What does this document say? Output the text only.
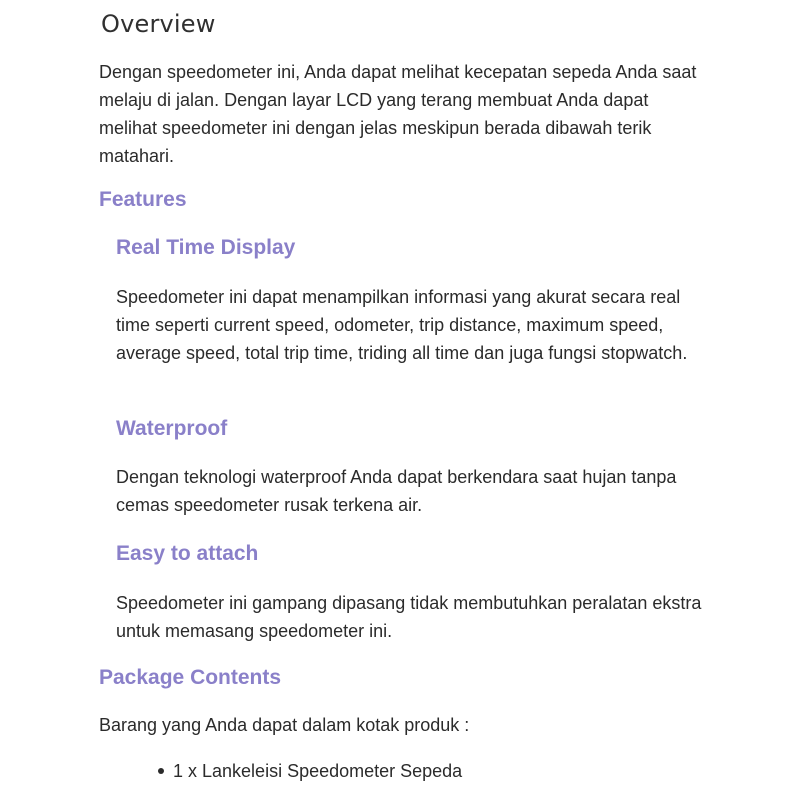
Overview

Dengan speedometer ini, Anda dapat melihat kecepatan sepeda Anda saat melaju di jalan. Dengan layar LCD yang terang membuat Anda dapat melihat speedometer ini dengan jelas meskipun berada dibawah terik matahari.

Features
Real Time Display

Speedometer ini dapat menampilkan informasi yang akurat secara real time seperti current speed, odometer, trip distance, maximum speed, average speed, total trip time, triding all time dan juga fungsi stopwatch.

Waterproof

Dengan teknologi waterproof Anda dapat berkendara saat hujan tanpa cemas speedometer rusak terkena air.

Easy to attach

Speedometer ini gampang dipasang tidak membutuhkan peralatan ekstra untuk memasang speedometer ini.

Package Contents

Barang yang Anda dapat dalam kotak produk :

1 x Lankeleisi Speedometer Sepeda
